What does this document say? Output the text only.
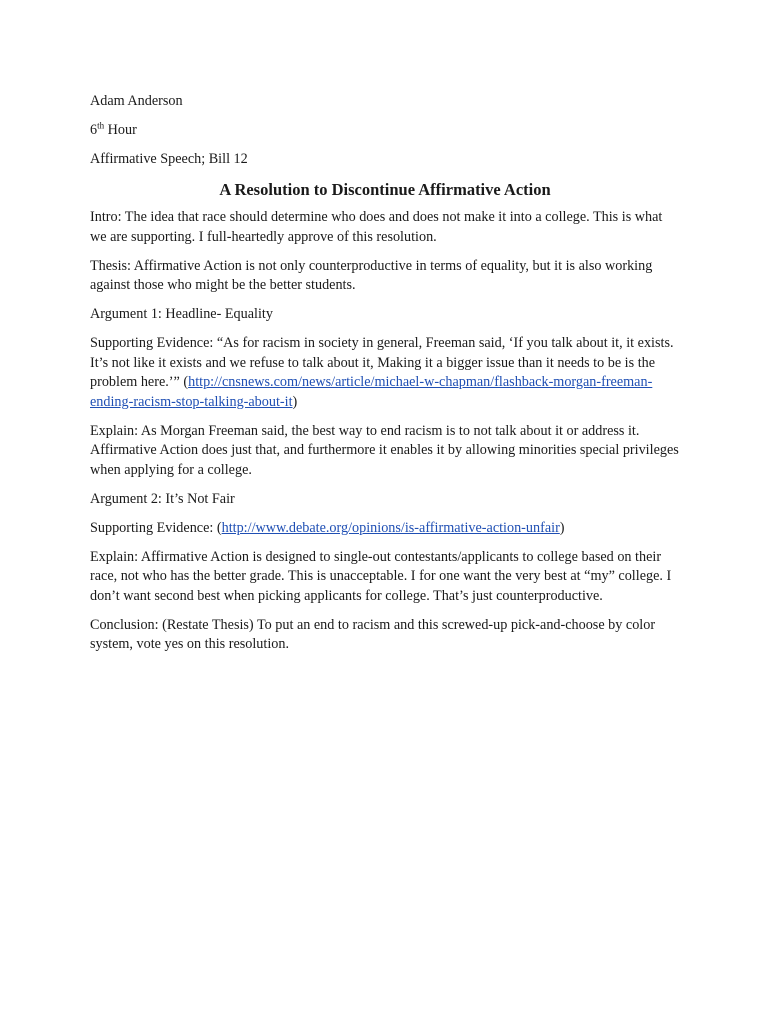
Adam Anderson

6th Hour

Affirmative Speech; Bill 12

A Resolution to Discontinue Affirmative Action

Intro: The idea that race should determine who does and does not make it into a college. This is what we are supporting. I full-heartedly approve of this resolution.

Thesis: Affirmative Action is not only counterproductive in terms of equality, but it is also working against those who might be the better students.

Argument 1: Headline- Equality

Supporting Evidence: “As for racism in society in general, Freeman said, ‘If you talk about it, it exists. It’s not like it exists and we refuse to talk about it, Making it a bigger issue than it needs to be is the problem here.’” (http://cnsnews.com/news/article/michael-w-chapman/flashback-morgan-freeman-ending-racism-stop-talking-about-it)

Explain: As Morgan Freeman said, the best way to end racism is to not talk about it or address it. Affirmative Action does just that, and furthermore it enables it by allowing minorities special privileges when applying for a college.

Argument 2: It’s Not Fair

Supporting Evidence: (http://www.debate.org/opinions/is-affirmative-action-unfair)

Explain: Affirmative Action is designed to single-out contestants/applicants to college based on their race, not who has the better grade. This is unacceptable. I for one want the very best at “my” college. I don’t want second best when picking applicants for college. That’s just counterproductive.

Conclusion: (Restate Thesis) To put an end to racism and this screwed-up pick-and-choose by color system, vote yes on this resolution.
